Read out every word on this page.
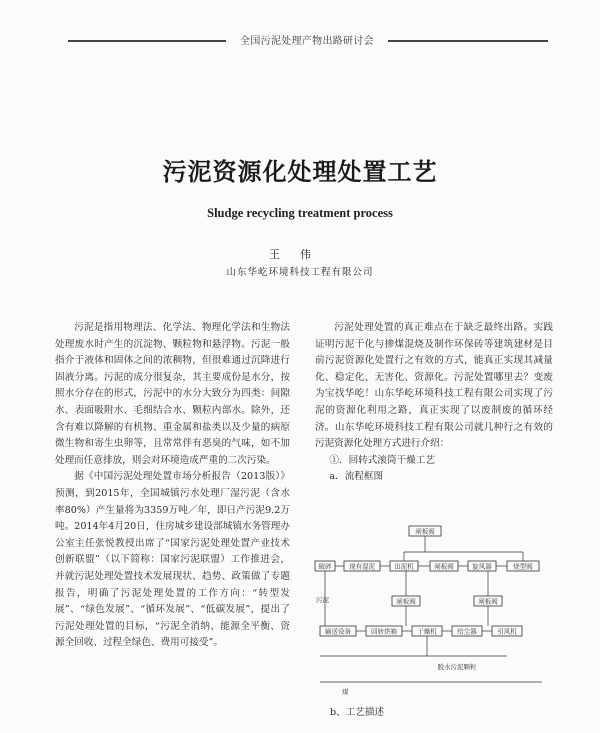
全国污泥处理产物出路研讨会
污泥资源化处理处置工艺
Sludge recycling treatment process
王伟
山东华屹环境科技工程有限公司

污泥是指用物理法、化学法、物理化学法和生物法处理废水时产生的沉淀物、颗粒物和悬浮物。污泥一般指介于液体和固体之间的浓稠物，但很难通过沉降进行固液分离。污泥的成分很复杂，其主要成份是水分，按照水分存在的形式，污泥中的水分大致分为四类：间隙水、表面吸附水、毛细结合水、颗粒内部水。除外，还含有难以降解的有机物、重金属和盐类以及少量的病原微生物和寄生虫卵等，且常常伴有恶臭的气味，如不加处理而任意排放，则会对环境造成严重的二次污染。

据《中国污泥处理处置市场分析报告（2013版）》预测，到2015年，全国城镇污水处理厂湿污泥（含水率80%）产生量将为3359万吨／年，即日产污泥9.2万吨。2014年4月20日，住房城乡建设部城镇水务管理办公室主任张悦教授出席了“国家污泥处理处置产业技术创新联盟”（以下简称：国家污泥联盟）工作推进会，并就污泥处理处置技术发展现状、趋势、政策做了专题报告，明确了污泥处理处置的工作方向：“转型发展”、“绿色发展”、“循环发展”、“低碳发展”，提出了污泥处理处置的目标，“污泥全消纳、能源全平衡、资源全回收、过程全绿色、费用可接受”。

污泥处理处置的真正难点在于缺乏最终出路。实践证明污泥干化与掺煤混烧及制作环保砖等建筑建材是目前污泥资源化处置行之有效的方式，能真正实现其减量化、稳定化、无害化、资源化。污泥处置哪里去？变废为宝找华屹！山东华屹环境科技工程有限公司实现了污泥的资源化利用之路，真正实现了以废制废的循环经济。山东华屹环境科技工程有限公司就几种行之有效的污泥资源化处理方式进行介绍：

①．回转式滚筒干燥工艺

a．流程框图

闸板阀
破碎	现有湿泥	出泥机	闸板阀	旋风器	烧型阀
污泥	闸板阀	闸板阀
输送设备	回转烘箱	干燥机	给尘器	引风机
脱水污泥颗粒
煤
b、工艺描述
